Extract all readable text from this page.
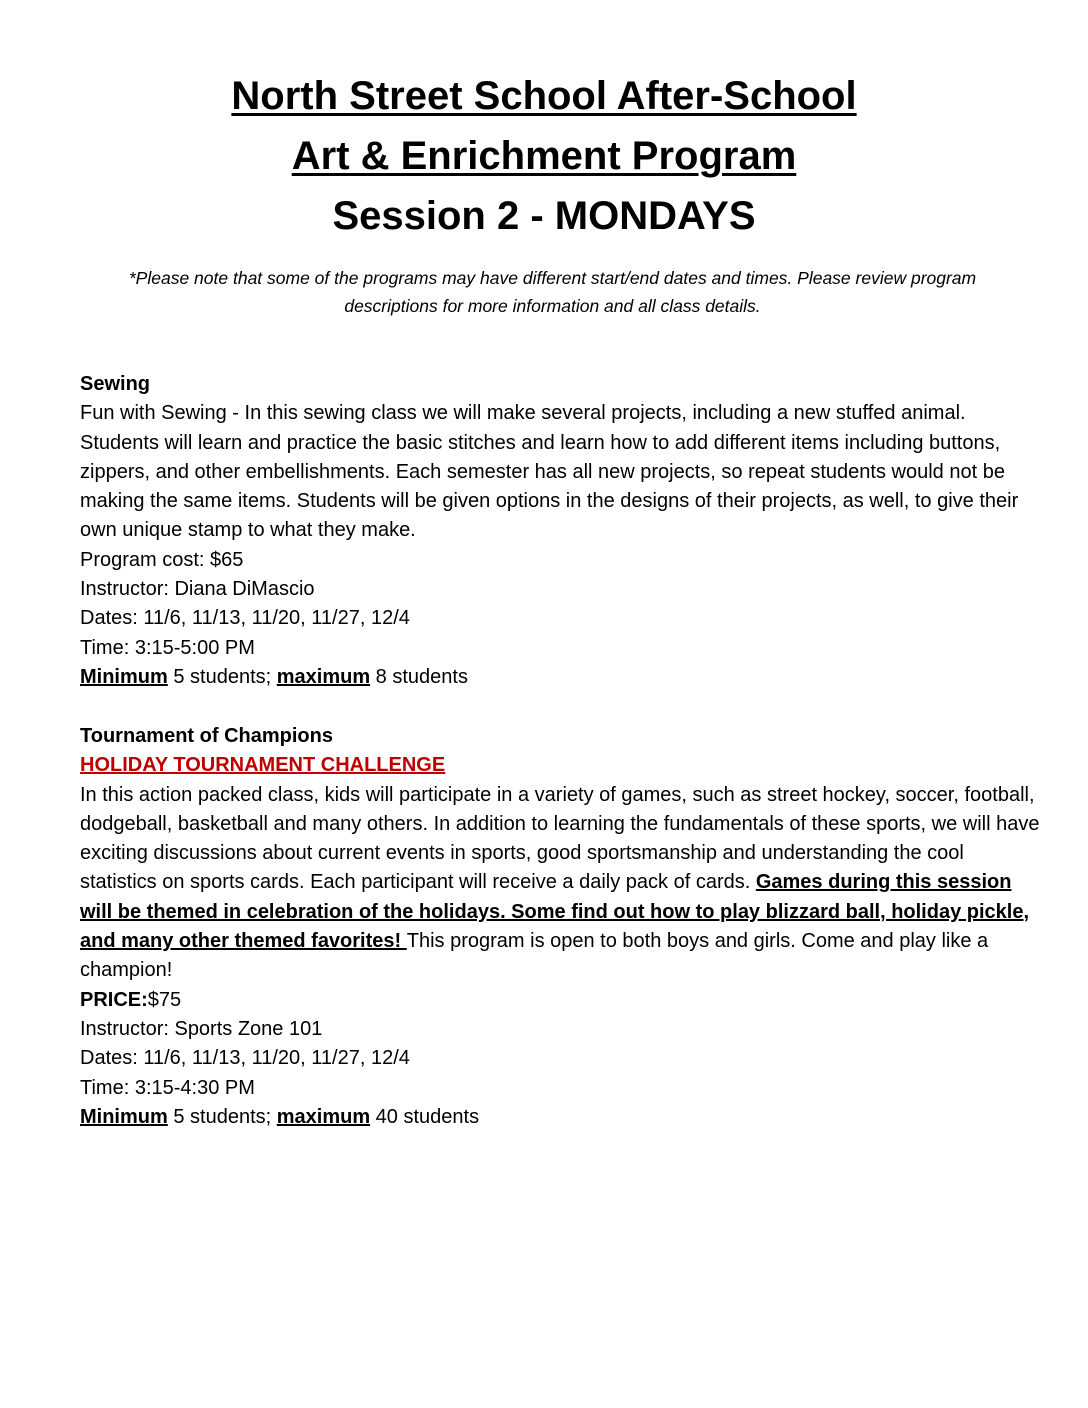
North Street School After-School

Art & Enrichment Program

Session 2 - MONDAYS

*Please note that some of the programs may have different start/end dates and times. Please review program descriptions for more information and all class details.

Sewing

Fun with Sewing - In this sewing class we will make several projects, including a new stuffed animal. Students will learn and practice the basic stitches and learn how to add different items including buttons, zippers, and other embellishments. Each semester has all new projects, so repeat students would not be making the same items. Students will be given options in the designs of their projects, as well, to give their own unique stamp to what they make.

Program cost: $65

Instructor: Diana DiMascio

Dates: 11/6, 11/13, 11/20, 11/27, 12/4

Time: 3:15-5:00 PM

Minimum 5 students; maximum 8 students

Tournament of Champions

HOLIDAY TOURNAMENT CHALLENGE

In this action packed class, kids will participate in a variety of games, such as street hockey, soccer, football, dodgeball, basketball and many others. In addition to learning the fundamentals of these sports, we will have exciting discussions about current events in sports, good sportsmanship and understanding the cool statistics on sports cards. Each participant will receive a daily pack of cards. Games during this session will be themed in celebration of the holidays. Some find out how to play blizzard ball, holiday pickle, and many other themed favorites! This program is open to both boys and girls. Come and play like a champion!

PRICE:$75

Instructor: Sports Zone 101

Dates: 11/6, 11/13, 11/20, 11/27, 12/4

Time: 3:15-4:30 PM

Minimum 5 students; maximum 40 students
